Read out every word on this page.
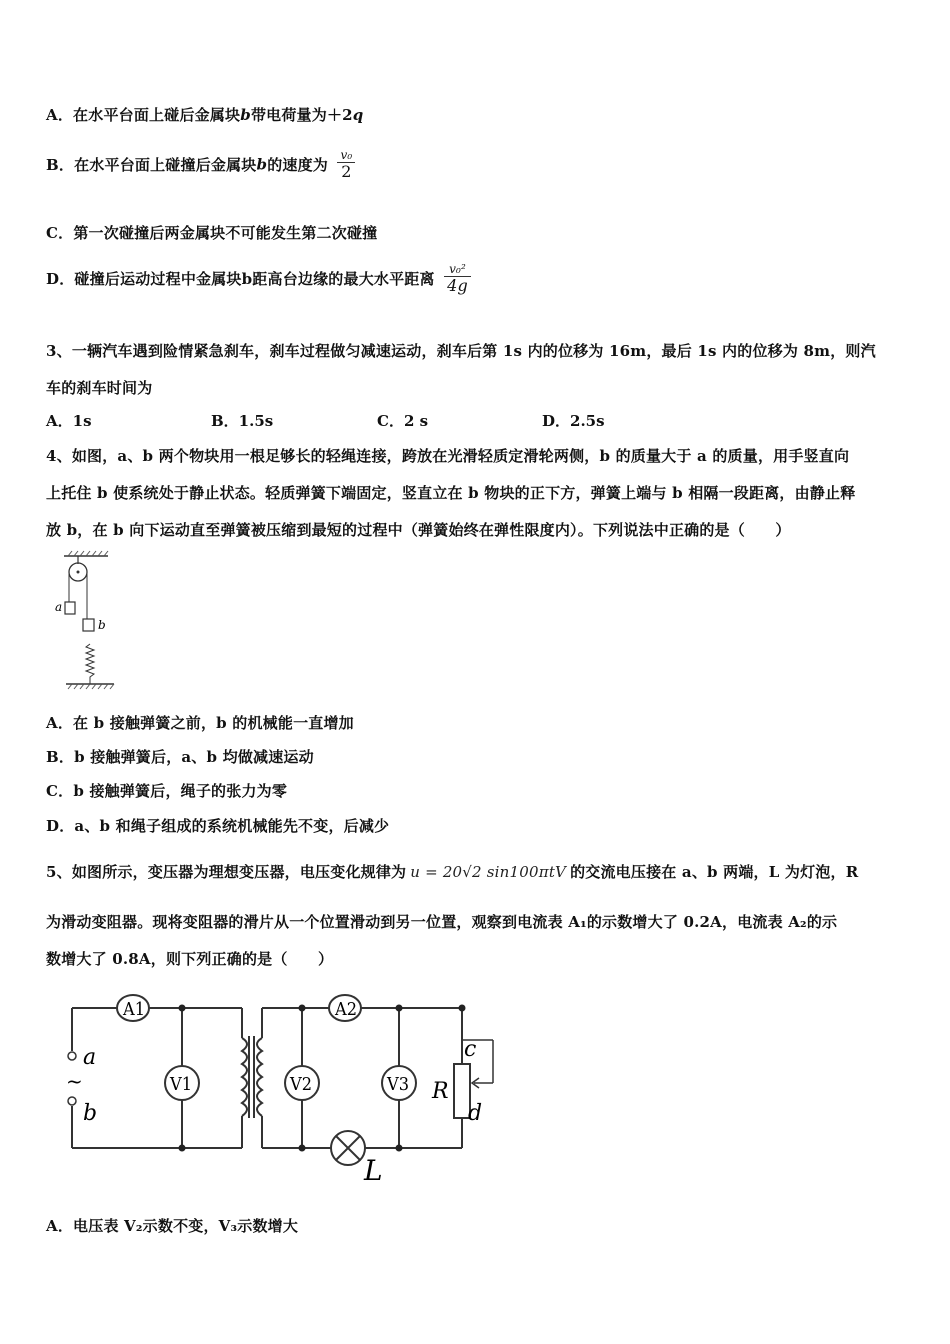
A．在水平台面上碰后金属块b带电荷量为＋2q
B．在水平台面上碰撞后金属块b的速度为 $\frac{\text{v₀}}{2}$
C．第一次碰撞后两金属块不可能发生第二次碰撞
D．碰撞后运动过程中金属块b距高台边缘的最大水平距离 $\frac{\text{v₀²}}{4g}$
3、一辆汽车遇到险情紧急刹车，刹车过程做匀减速运动，刹车后第 1s 内的位移为 16m，最后 1s 内的位移为 8m，则汽
车的刹车时间为
A．1s	B．1.5s	C．2 s	D．2.5s
4、如图，a、b 两个物块用一根足够长的轻绳连接，跨放在光滑轻质定滑轮两侧，b 的质量大于 a 的质量，用手竖直向
上托住 b 使系统处于静止状态。轻质弹簧下端固定，竖直立在 b 物块的正下方，弹簧上端与 b 相隔一段距离，由静止释
放 b，在 b 向下运动直至弹簧被压缩到最短的过程中（弹簧始终在弹性限度内）。下列说法中正确的是（　　）
a
b
A．在 b 接触弹簧之前，b 的机械能一直增加
B．b 接触弹簧后，a、b 均做减速运动
C．b 接触弹簧后，绳子的张力为零
D．a、b 和绳子组成的系统机械能先不变，后减少
5、如图所示，变压器为理想变压器，电压变化规律为 u = 20√2 sin100πtV 的交流电压接在 a、b 两端，L 为灯泡，R
为滑动变阻器。现将变阻器的滑片从一个位置滑动到另一位置，观察到电流表 A₁的示数增大了 0.2A，电流表 A₂的示
数增大了 0.8A，则下列正确的是（　　）
a
~
b
A1	A2
V1	V2	V3
L
R
c
d
A．电压表 V₂示数不变，V₃示数增大
